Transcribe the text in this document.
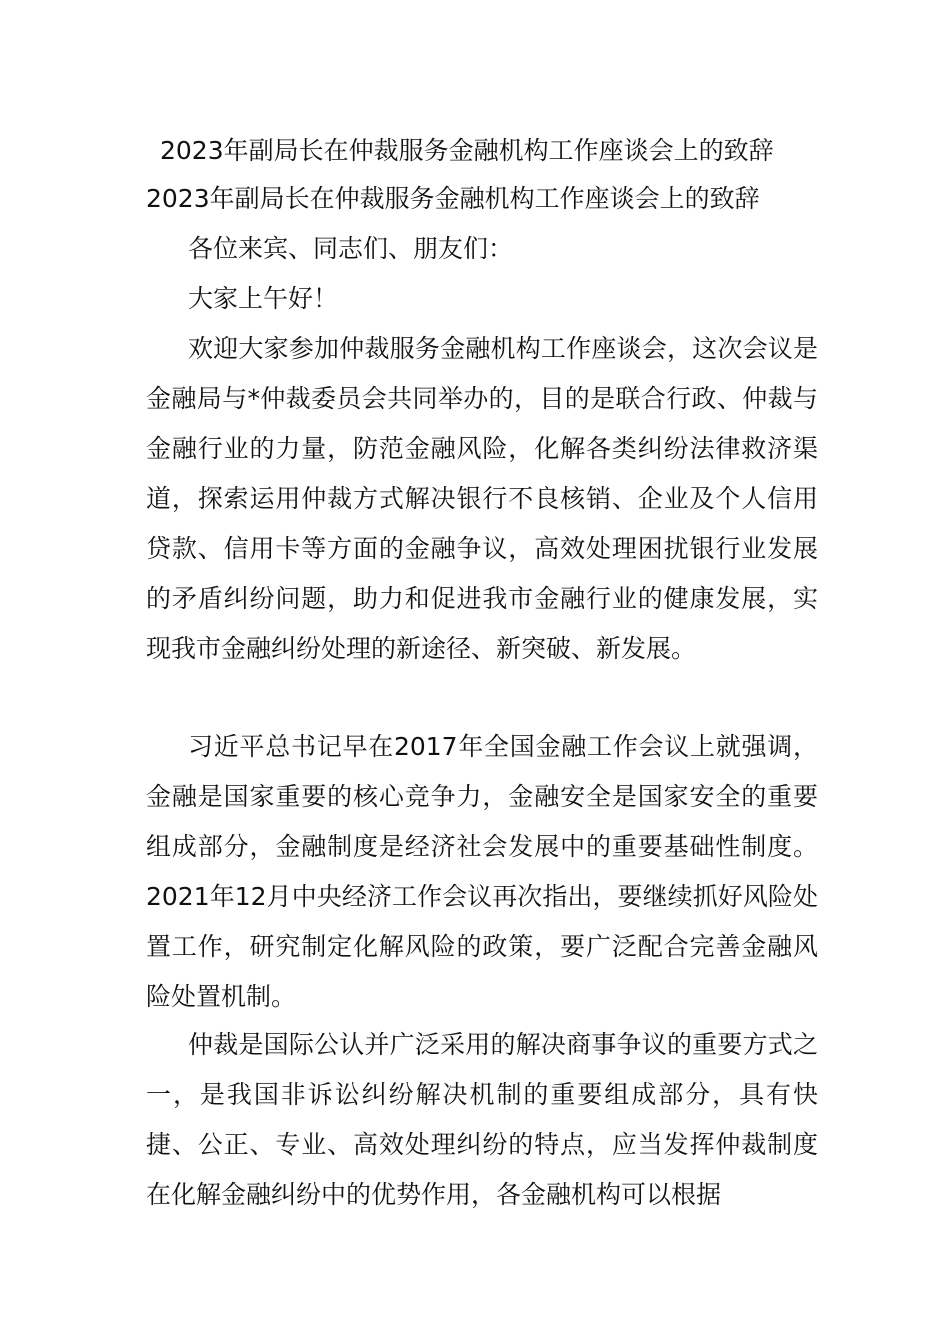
2023年副局长在仲裁服务金融机构工作座谈会上的致辞
2023年副局长在仲裁服务金融机构工作座谈会上的致辞

各位来宾、同志们、朋友们：

大家上午好！

欢迎大家参加仲裁服务金融机构工作座谈会，这次会议是金融局与*仲裁委员会共同举办的，目的是联合行政、仲裁与金融行业的力量，防范金融风险，化解各类纠纷法律救济渠道，探索运用仲裁方式解决银行不良核销、企业及个人信用贷款、信用卡等方面的金融争议，高效处理困扰银行业发展的矛盾纠纷问题，助力和促进我市金融行业的健康发展，实现我市金融纠纷处理的新途径、新突破、新发展。

习近平总书记早在2017年全国金融工作会议上就强调，金融是国家重要的核心竞争力，金融安全是国家安全的重要组成部分，金融制度是经济社会发展中的重要基础性制度。2021年12月中央经济工作会议再次指出，要继续抓好风险处置工作，研究制定化解风险的政策，要广泛配合完善金融风险处置机制。

仲裁是国际公认并广泛采用的解决商事争议的重要方式之一，是我国非诉讼纠纷解决机制的重要组成部分，具有快捷、公正、专业、高效处理纠纷的特点，应当发挥仲裁制度在化解金融纠纷中的优势作用，各金融机构可以根据
